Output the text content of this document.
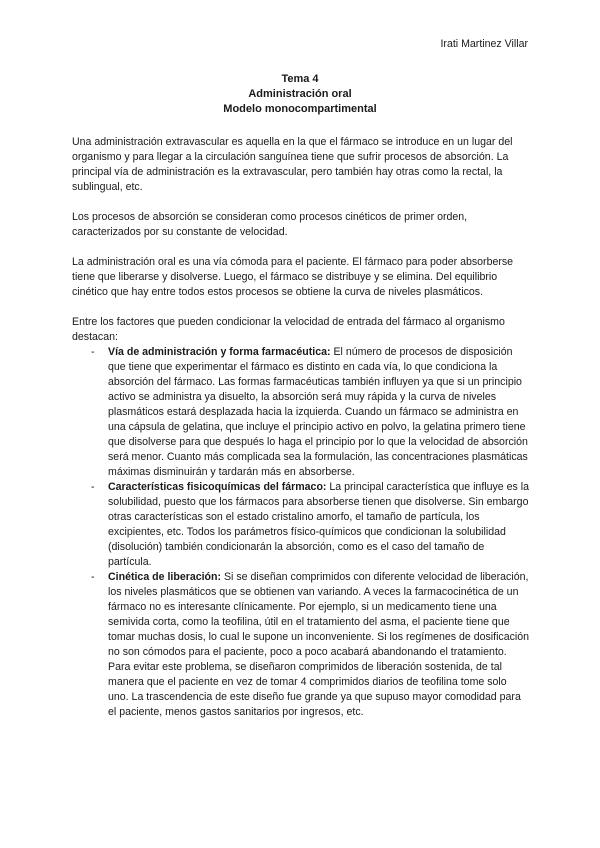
Irati Martinez Villar
Tema 4
Administración oral
Modelo monocompartimental

Una administración extravascular es aquella en la que el fármaco se introduce en un lugar del organismo y para llegar a la circulación sanguínea tiene que sufrir procesos de absorción. La principal vía de administración es la extravascular, pero también hay otras como la rectal, la sublingual, etc.

Los procesos de absorción se consideran como procesos cinéticos de primer orden, caracterizados por su constante de velocidad.

La administración oral es una vía cómoda para el paciente. El fármaco para poder absorberse tiene que liberarse y disolverse. Luego, el fármaco se distribuye y se elimina. Del equilibrio cinético que hay entre todos estos procesos se obtiene la curva de niveles plasmáticos.

Entre los factores que pueden condicionar la velocidad de entrada del fármaco al organismo destacan:

- Vía de administración y forma farmacéutica: El número de procesos de disposición que tiene que experimentar el fármaco es distinto en cada vía, lo que condiciona la absorción del fármaco. Las formas farmacéuticas también influyen ya que si un principio activo se administra ya disuelto, la absorción será muy rápida y la curva de niveles plasmáticos estará desplazada hacia la izquierda. Cuando un fármaco se administra en una cápsula de gelatina, que incluye el principio activo en polvo, la gelatina primero tiene que disolverse para que después lo haga el principio por lo que la velocidad de absorción será menor. Cuanto más complicada sea la formulación, las concentraciones plasmáticas máximas disminuirán y tardarán más en absorberse.
- Características fisicoquímicas del fármaco: La principal característica que influye es la solubilidad, puesto que los fármacos para absorberse tienen que disolverse. Sin embargo otras características son el estado cristalino amorfo, el tamaño de partícula, los excipientes, etc. Todos los parámetros físico-químicos que condicionan la solubilidad (disolución) también condicionarán la absorción, como es el caso del tamaño de partícula.
- Cinética de liberación: Si se diseñan comprimidos con diferente velocidad de liberación, los niveles plasmáticos que se obtienen van variando. A veces la farmacocinética de un fármaco no es interesante clínicamente. Por ejemplo, si un medicamento tiene una semivida corta, como la teofilina, útil en el tratamiento del asma, el paciente tiene que tomar muchas dosis, lo cual le supone un inconveniente. Si los regímenes de dosificación no son cómodos para el paciente, poco a poco acabará abandonando el tratamiento. Para evitar este problema, se diseñaron comprimidos de liberación sostenida, de tal manera que el paciente en vez de tomar 4 comprimidos diarios de teofilina tome solo uno. La trascendencia de este diseño fue grande ya que supuso mayor comodidad para el paciente, menos gastos sanitarios por ingresos, etc.
